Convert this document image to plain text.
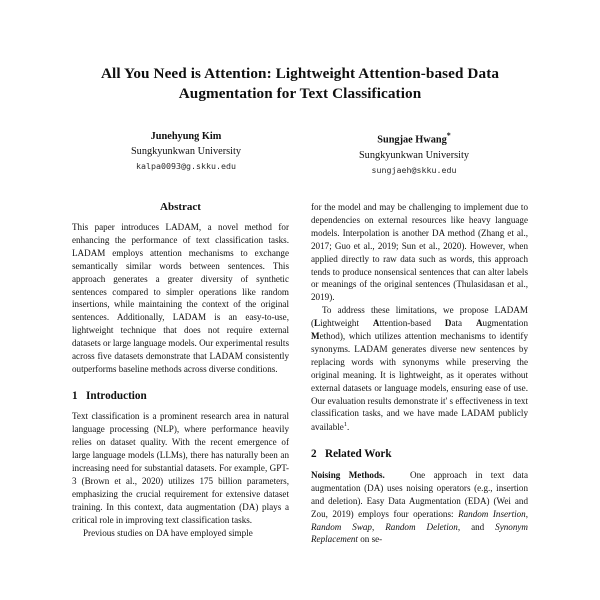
All You Need is Attention: Lightweight Attention-based Data Augmentation for Text Classification
Junehyung Kim
Sungkyunkwan University
kalpa0093@g.skku.edu
Sungjae Hwang*
Sungkyunkwan University
sungjaeh@skku.edu
Abstract

This paper introduces LADAM, a novel method for enhancing the performance of text classification tasks. LADAM employs attention mechanisms to exchange semantically similar words between sentences. This approach generates a greater diversity of synthetic sentences compared to simpler operations like random insertions, while maintaining the context of the original sentences. Additionally, LADAM is an easy-to-use, lightweight technique that does not require external datasets or large language models. Our experimental results across five datasets demonstrate that LADAM consistently outperforms baseline methods across diverse conditions.

1 Introduction

Text classification is a prominent research area in natural language processing (NLP), where performance heavily relies on dataset quality. With the recent emergence of large language models (LLMs), there has naturally been an increasing need for substantial datasets. For example, GPT-3 (Brown et al., 2020) utilizes 175 billion parameters, emphasizing the crucial requirement for extensive dataset training. In this context, data augmentation (DA) plays a critical role in improving text classification tasks.

Previous studies on DA have employed simple

for the model and may be challenging to implement due to dependencies on external resources like heavy language models. Interpolation is another DA method (Zhang et al., 2017; Guo et al., 2019; Sun et al., 2020). However, when applied directly to raw data such as words, this approach tends to produce nonsensical sentences that can alter labels or meanings of the original sentences (Thulasidasan et al., 2019).

To address these limitations, we propose LADAM (Lightweight Attention-based Data Augmentation Method), which utilizes attention mechanisms to identify synonyms. LADAM generates diverse new sentences by replacing words with synonyms while preserving the original meaning. It is lightweight, as it operates without external datasets or language models, ensuring ease of use. Our evaluation results demonstrate it' s effectiveness in text classification tasks, and we have made LADAM publicly available$^1$.

2 Related Work

Noising Methods.	One approach in text data augmentation (DA) uses noising operators (e.g., insertion and deletion). Easy Data Augmentation (EDA) (Wei and Zou, 2019) employs four operations: Random Insertion, Random Swap, Random Deletion, and Synonym Replacement on se-
